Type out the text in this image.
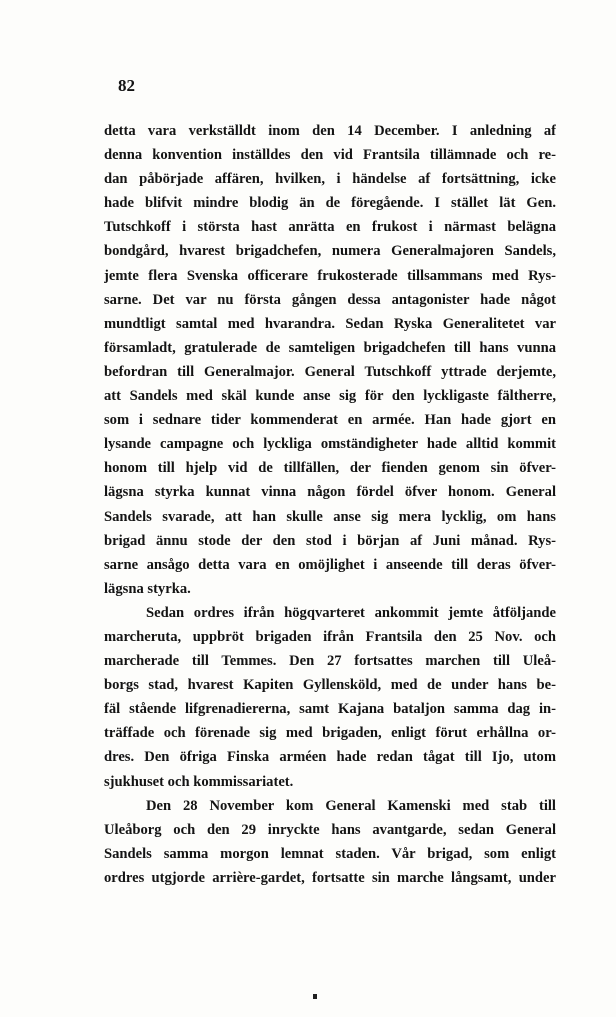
82
detta vara verkställdt inom den 14 December. I anledning af
denna konvention inställdes den vid Frantsila tillämnade och re-
dan påbörjade affären, hvilken, i händelse af fortsättning, icke
hade blifvit mindre blodig än de föregående. I stället lät Gen.
Tutschkoff i största hast anrätta en frukost i närmast belägna
bondgård, hvarest brigadchefen, numera Generalmajoren Sandels,
jemte flera Svenska officerare frukosterade tillsammans med Rys-
sarne. Det var nu första gången dessa antagonister hade något
mundtligt samtal med hvarandra. Sedan Ryska Generalitetet var
församladt, gratulerade de samteligen brigadchefen till hans vunna
befordran till Generalmajor. General Tutschkoff yttrade derjemte,
att Sandels med skäl kunde anse sig för den lyckligaste fältherre,
som i sednare tider kommenderat en armée. Han hade gjort en
lysande campagne och lyckliga omständigheter hade alltid kommit
honom till hjelp vid de tillfällen, der fienden genom sin öfver-
lägsna styrka kunnat vinna någon fördel öfver honom. General
Sandels svarade, att han skulle anse sig mera lycklig, om hans
brigad ännu stode der den stod i början af Juni månad. Rys-
sarne ansågo detta vara en omöjlighet i anseende till deras öfver-
lägsna styrka.
Sedan ordres ifrån högqvarteret ankommit jemte åtföljande
marcheruta, uppbröt brigaden ifrån Frantsila den 25 Nov. och
marcherade till Temmes. Den 27 fortsattes marchen till Uleå-
borgs stad, hvarest Kapiten Gyllensköld, med de under hans be-
fäl stående lifgrenadiererna, samt Kajana bataljon samma dag in-
träffade och förenade sig med brigaden, enligt förut erhållna or-
dres. Den öfriga Finska arméen hade redan tågat till Ijo, utom
sjukhuset och kommissariatet.
Den 28 November kom General Kamenski med stab till
Uleåborg och den 29 inryckte hans avantgarde, sedan General
Sandels samma morgon lemnat staden. Vår brigad, som enligt
ordres utgjorde arrière-gardet, fortsatte sin marche långsamt, under
